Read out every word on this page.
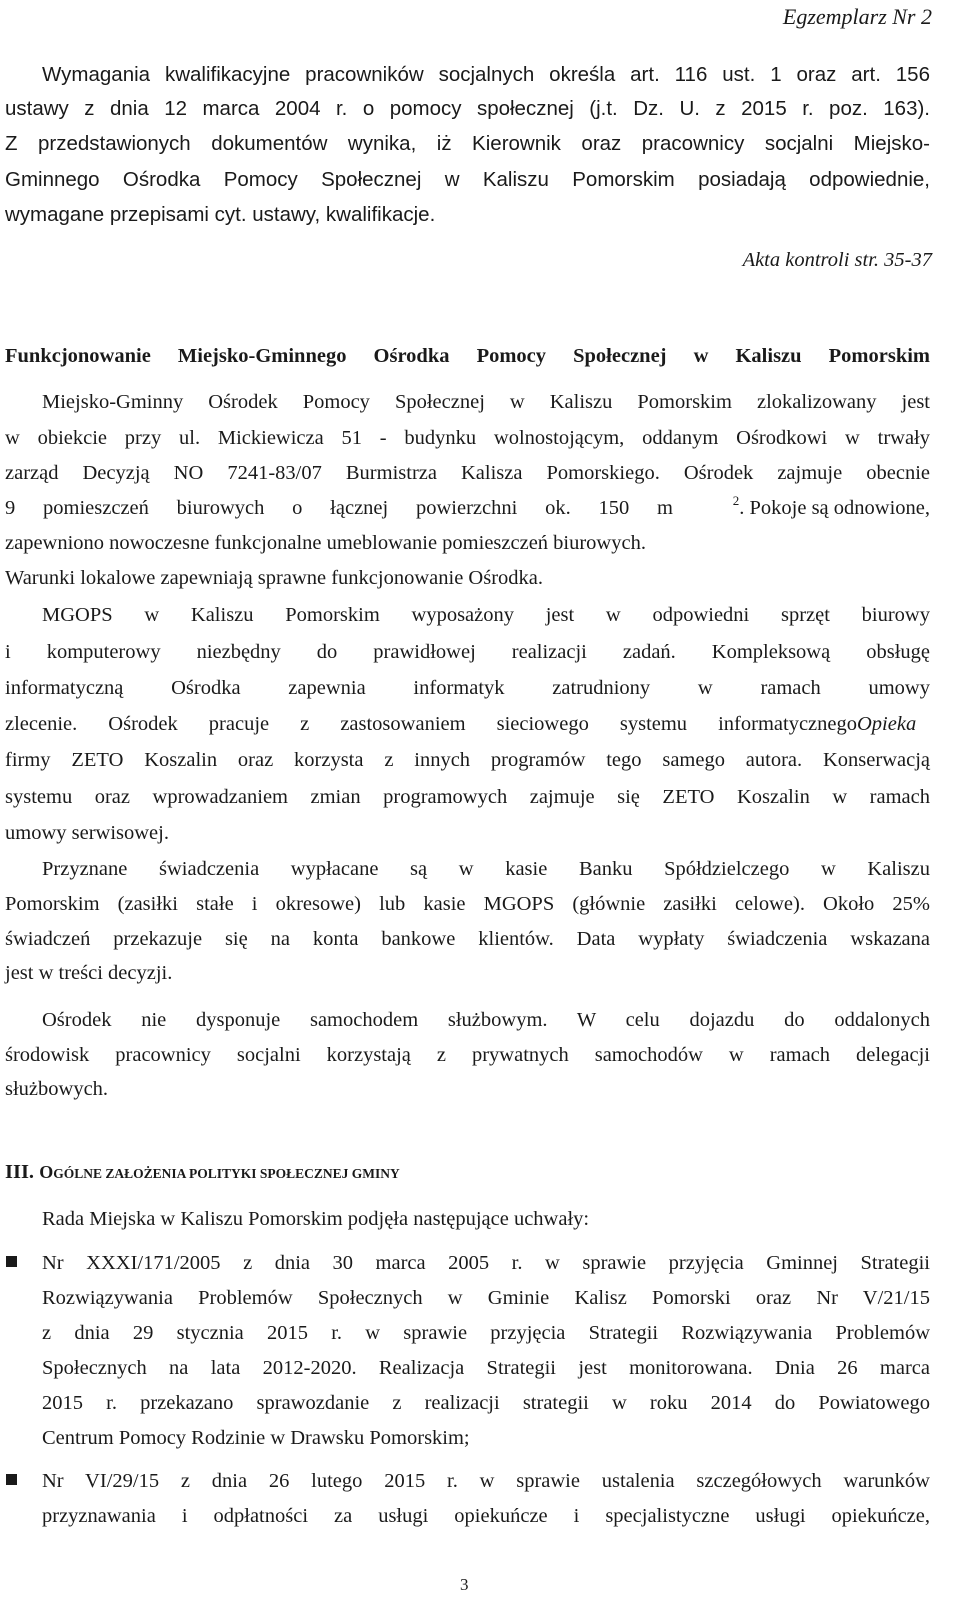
Egzemplarz Nr 2
Wymagania kwalifikacyjne pracowników socjalnych określa art. 116 ust. 1 oraz art. 156
ustawy z dnia 12 marca 2004 r. o pomocy społecznej (j.t. Dz. U. z 2015 r. poz. 163).
Z przedstawionych dokumentów wynika, iż Kierownik oraz pracownicy socjalni Miejsko-
Gminnego Ośrodka Pomocy Społecznej w Kaliszu Pomorskim posiadają odpowiednie,
wymagane przepisami cyt. ustawy, kwalifikacje.
Akta kontroli str. 35-37
Funkcjonowanie Miejsko-Gminnego Ośrodka Pomocy Społecznej w Kaliszu Pomorskim
Miejsko-Gminny Ośrodek Pomocy Społecznej w Kaliszu Pomorskim zlokalizowany jest
w obiekcie przy ul. Mickiewicza 51 - budynku wolnostojącym, oddanym Ośrodkowi w trwały
zarząd Decyzją NO 7241-83/07 Burmistrza Kalisza Pomorskiego. Ośrodek zajmuje obecnie
9 pomieszczeń biurowych o łącznej powierzchni ok. 150 m	$^2$. Pokoje są odnowione,
zapewniono nowoczesne funkcjonalne umeblowanie pomieszczeń biurowych.
Warunki lokalowe zapewniają sprawne funkcjonowanie Ośrodka.
MGOPS w Kaliszu Pomorskim wyposażony jest w odpowiedni sprzęt biurowy
i komputerowy niezbędny do prawidłowej realizacji zadań. Kompleksową obsługę
informatyczną Ośrodka zapewnia informatyk zatrudniony w ramach umowy
zlecenie. Ośrodek pracuje z zastosowaniem sieciowego systemu informatycznegoOpieka
firmy ZETO Koszalin oraz korzysta z innych programów tego samego autora. Konserwacją
systemu oraz wprowadzaniem zmian programowych zajmuje się ZETO Koszalin w ramach
umowy serwisowej.
Przyznane świadczenia wypłacane są w kasie Banku Spółdzielczego w Kaliszu
Pomorskim (zasiłki stałe i okresowe) lub kasie MGOPS (głównie zasiłki celowe). Około 25%
świadczeń przekazuje się na konta bankowe klientów. Data wypłaty świadczenia wskazana
jest w treści decyzji.
Ośrodek nie dysponuje samochodem służbowym. W celu dojazdu do oddalonych
środowisk pracownicy socjalni korzystają z prywatnych samochodów w ramach delegacji
służbowych.
III. OGÓLNE ZAŁOŻENIA POLITYKI SPOŁECZNEJ GMINY
Rada Miejska w Kaliszu Pomorskim podjęła następujące uchwały:
Nr XXXI/171/2005 z dnia 30 marca 2005 r. w sprawie przyjęcia Gminnej Strategii
Rozwiązywania Problemów Społecznych w Gminie Kalisz Pomorski oraz Nr V/21/15
z dnia 29 stycznia 2015 r. w sprawie przyjęcia Strategii Rozwiązywania Problemów
Społecznych na lata 2012-2020. Realizacja Strategii jest monitorowana. Dnia 26 marca
2015 r. przekazano sprawozdanie z realizacji strategii w roku 2014 do Powiatowego
Centrum Pomocy Rodzinie w Drawsku Pomorskim;
Nr VI/29/15 z dnia 26 lutego 2015 r. w sprawie ustalenia szczegółowych warunków
przyznawania i odpłatności za usługi opiekuńcze i specjalistyczne usługi opiekuńcze,
3
